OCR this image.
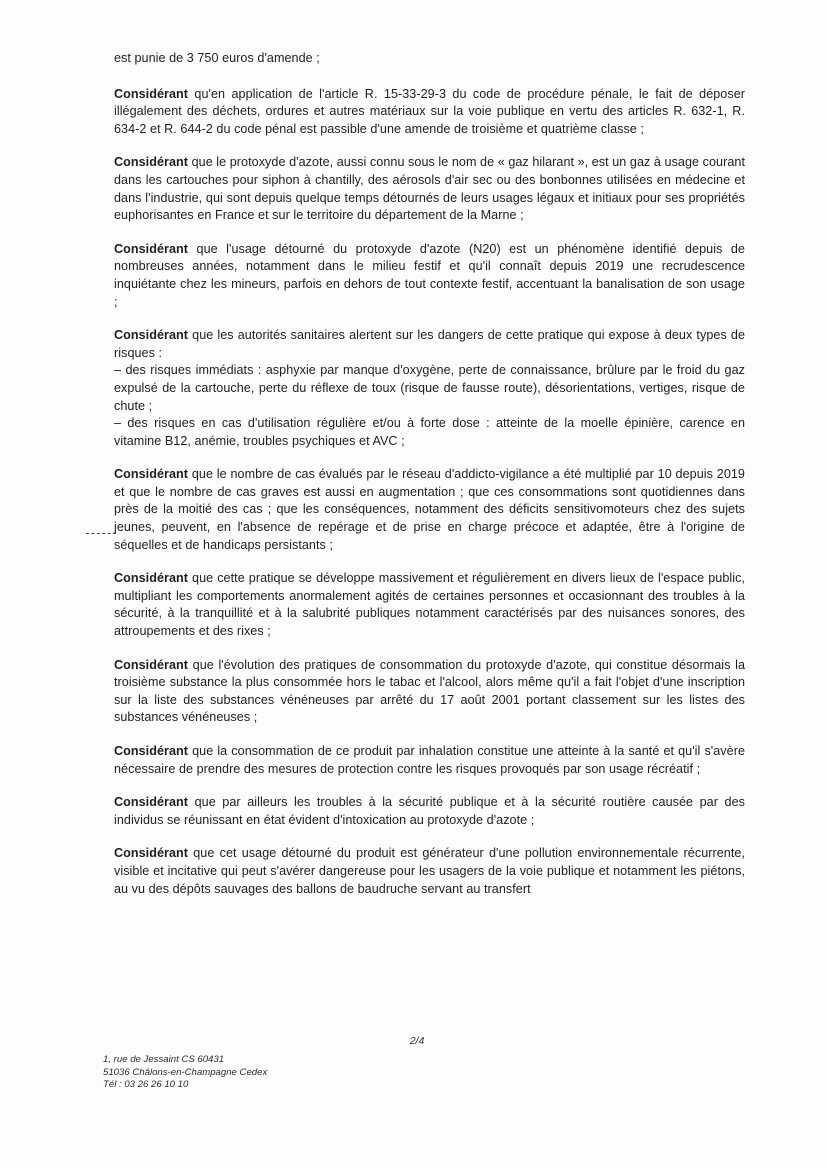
est punie de 3 750 euros d'amende ;

Considérant qu'en application de l'article R. 15-33-29-3 du code de procédure pénale, le fait de déposer illégalement des déchets, ordures et autres matériaux sur la voie publique en vertu des articles R. 632-1, R. 634-2 et R. 644-2 du code pénal est passible d'une amende de troisième et quatrième classe ;

Considérant que le protoxyde d'azote, aussi connu sous le nom de « gaz hilarant », est un gaz à usage courant dans les cartouches pour siphon à chantilly, des aérosols d'air sec ou des bonbonnes utilisées en médecine et dans l'industrie, qui sont depuis quelque temps détournés de leurs usages légaux et initiaux pour ses propriétés euphorisantes en France et sur le territoire du département de la Marne ;

Considérant que l'usage détourné du protoxyde d'azote (N20) est un phénomène identifié depuis de nombreuses années, notamment dans le milieu festif et qu'il connaît depuis 2019 une recrudescence inquiétante chez les mineurs, parfois en dehors de tout contexte festif, accentuant la banalisation de son usage ;

Considérant que les autorités sanitaires alertent sur les dangers de cette pratique qui expose à deux types de risques :
– des risques immédiats : asphyxie par manque d'oxygène, perte de connaissance, brûlure par le froid du gaz expulsé de la cartouche, perte du réflexe de toux (risque de fausse route), désorientations, vertiges, risque de chute ;
– des risques en cas d'utilisation régulière et/ou à forte dose : atteinte de la moelle épinière, carence en vitamine B12, anémie, troubles psychiques et AVC ;

Considérant que le nombre de cas évalués par le réseau d'addicto-vigilance a été multiplié par 10 depuis 2019 et que le nombre de cas graves est aussi en augmentation ; que ces consommations sont quotidiennes dans près de la moitié des cas ; que les conséquences, notamment des déficits sensitivomoteurs chez des sujets jeunes, peuvent, en l'absence de repérage et de prise en charge précoce et adaptée, être à l'origine de séquelles et de handicaps persistants ;

Considérant que cette pratique se développe massivement et régulièrement en divers lieux de l'espace public, multipliant les comportements anormalement agités de certaines personnes et occasionnant des troubles à la sécurité, à la tranquillité et à la salubrité publiques notamment caractérisés par des nuisances sonores, des attroupements et des rixes ;

Considérant que l'évolution des pratiques de consommation du protoxyde d'azote, qui constitue désormais la troisième substance la plus consommée hors le tabac et l'alcool, alors même qu'il a fait l'objet d'une inscription sur la liste des substances vénéneuses par arrêté du 17 août 2001 portant classement sur les listes des substances vénéneuses ;

Considérant que la consommation de ce produit par inhalation constitue une atteinte à la santé et qu'il s'avère nécessaire de prendre des mesures de protection contre les risques provoqués par son usage récréatif ;

Considérant que par ailleurs les troubles à la sécurité publique et à la sécurité routière causée par des individus se réunissant en état évident d'intoxication au protoxyde d'azote ;

Considérant que cet usage détourné du produit est générateur d'une pollution environnementale récurrente, visible et incitative qui peut s'avérer dangereuse pour les usagers de la voie publique et notamment les piétons, au vu des dépôts sauvages des ballons de baudruche servant au transfert

2/4
1, rue de Jessaint CS 60431
51036 Châlons-en-Champagne Cedex
Tél : 03 26 26 10 10
